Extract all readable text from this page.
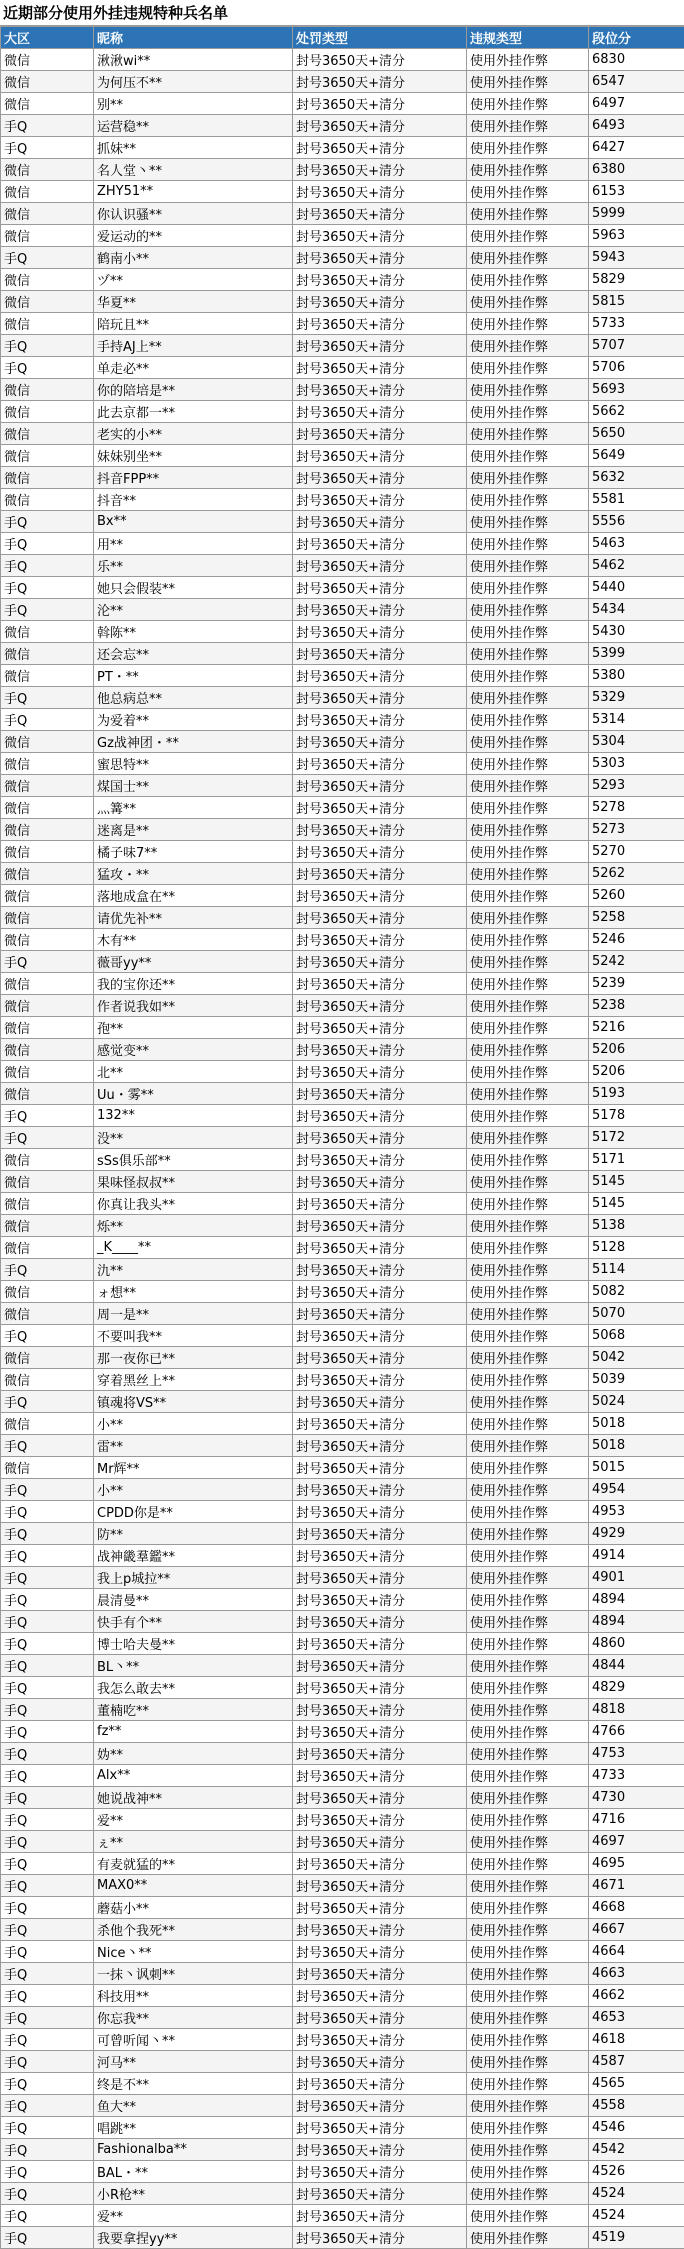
近期部分使用外挂违规特种兵名单
大区	昵称	处罚类型	违规类型	段位分
微信	湫湫wi**	封号3650天+清分	使用外挂作弊	6830
微信	为何压不**	封号3650天+清分	使用外挂作弊	6547
微信	别**	封号3650天+清分	使用外挂作弊	6497
手Q	运营稳**	封号3650天+清分	使用外挂作弊	6493
手Q	抓妹**	封号3650天+清分	使用外挂作弊	6427
微信	名人堂丶**	封号3650天+清分	使用外挂作弊	6380
微信	ZHY51**	封号3650天+清分	使用外挂作弊	6153
微信	你认识骚**	封号3650天+清分	使用外挂作弊	5999
微信	爱运动的**	封号3650天+清分	使用外挂作弊	5963
手Q	鹤南小**	封号3650天+清分	使用外挂作弊	5943
微信	ヅ**	封号3650天+清分	使用外挂作弊	5829
微信	华夏**	封号3650天+清分	使用外挂作弊	5815
微信	陪玩且**	封号3650天+清分	使用外挂作弊	5733
手Q	手持AJ上**	封号3650天+清分	使用外挂作弊	5707
手Q	单走必**	封号3650天+清分	使用外挂作弊	5706
微信	你的陪培是**	封号3650天+清分	使用外挂作弊	5693
微信	此去京都一**	封号3650天+清分	使用外挂作弊	5662
微信	老实的小**	封号3650天+清分	使用外挂作弊	5650
微信	妹妹别坐**	封号3650天+清分	使用外挂作弊	5649
微信	抖音FPP**	封号3650天+清分	使用外挂作弊	5632
微信	抖音**	封号3650天+清分	使用外挂作弊	5581
手Q	Bx**	封号3650天+清分	使用外挂作弊	5556
手Q	用**	封号3650天+清分	使用外挂作弊	5463
手Q	乐**	封号3650天+清分	使用外挂作弊	5462
手Q	她只会假装**	封号3650天+清分	使用外挂作弊	5440
手Q	沦**	封号3650天+清分	使用外挂作弊	5434
微信	斡陈**	封号3650天+清分	使用外挂作弊	5430
微信	还会忘**	封号3650天+清分	使用外挂作弊	5399
微信	PT・**	封号3650天+清分	使用外挂作弊	5380
手Q	他总病总**	封号3650天+清分	使用外挂作弊	5329
手Q	为爱着**	封号3650天+清分	使用外挂作弊	5314
微信	Gz战神团・**	封号3650天+清分	使用外挂作弊	5304
微信	蜜思特**	封号3650天+清分	使用外挂作弊	5303
微信	煤国士**	封号3650天+清分	使用外挂作弊	5293
微信	灬篝**	封号3650天+清分	使用外挂作弊	5278
微信	迷离是**	封号3650天+清分	使用外挂作弊	5273
微信	橘子味7**	封号3650天+清分	使用外挂作弊	5270
微信	猛攻・**	封号3650天+清分	使用外挂作弊	5262
微信	落地成盒在**	封号3650天+清分	使用外挂作弊	5260
微信	请优先补**	封号3650天+清分	使用外挂作弊	5258
微信	木有**	封号3650天+清分	使用外挂作弊	5246
手Q	薇哥yy**	封号3650天+清分	使用外挂作弊	5242
微信	我的宝你还**	封号3650天+清分	使用外挂作弊	5239
微信	作者说我如**	封号3650天+清分	使用外挂作弊	5238
微信	孢**	封号3650天+清分	使用外挂作弊	5216
微信	感觉变**	封号3650天+清分	使用外挂作弊	5206
微信	北**	封号3650天+清分	使用外挂作弊	5206
微信	Uu・雾**	封号3650天+清分	使用外挂作弊	5193
手Q	132**	封号3650天+清分	使用外挂作弊	5178
手Q	没**	封号3650天+清分	使用外挂作弊	5172
微信	sSs俱乐部**	封号3650天+清分	使用外挂作弊	5171
微信	果味怪叔叔**	封号3650天+清分	使用外挂作弊	5145
微信	你真让我头**	封号3650天+清分	使用外挂作弊	5145
微信	烁**	封号3650天+清分	使用外挂作弊	5138
微信	_K____**	封号3650天+清分	使用外挂作弊	5128
手Q	氿**	封号3650天+清分	使用外挂作弊	5114
微信	ォ想**	封号3650天+清分	使用外挂作弊	5082
微信	周一是**	封号3650天+清分	使用外挂作弊	5070
手Q	不要叫我**	封号3650天+清分	使用外挂作弊	5068
微信	那一夜你已**	封号3650天+清分	使用外挂作弊	5042
微信	穿着黑丝上**	封号3650天+清分	使用外挂作弊	5039
手Q	镇魂将VS**	封号3650天+清分	使用外挂作弊	5024
微信	小**	封号3650天+清分	使用外挂作弊	5018
手Q	雷**	封号3650天+清分	使用外挂作弊	5018
微信	Mr辉**	封号3650天+清分	使用外挂作弊	5015
手Q	小**	封号3650天+清分	使用外挂作弊	4954
手Q	CPDD你是**	封号3650天+清分	使用外挂作弊	4953
手Q	防**	封号3650天+清分	使用外挂作弊	4929
手Q	战神畿羣鑑**	封号3650天+清分	使用外挂作弊	4914
手Q	我上p城拉**	封号3650天+清分	使用外挂作弊	4901
手Q	晨清曼**	封号3650天+清分	使用外挂作弊	4894
手Q	快手有个**	封号3650天+清分	使用外挂作弊	4894
手Q	博士哈夫曼**	封号3650天+清分	使用外挂作弊	4860
手Q	BL丶**	封号3650天+清分	使用外挂作弊	4844
手Q	我怎么敢去**	封号3650天+清分	使用外挂作弊	4829
手Q	董楠吃**	封号3650天+清分	使用外挂作弊	4818
手Q	fz**	封号3650天+清分	使用外挂作弊	4766
手Q	妫**	封号3650天+清分	使用外挂作弊	4753
手Q	Alx**	封号3650天+清分	使用外挂作弊	4733
手Q	她说战神**	封号3650天+清分	使用外挂作弊	4730
手Q	爱**	封号3650天+清分	使用外挂作弊	4716
手Q	ぇ**	封号3650天+清分	使用外挂作弊	4697
手Q	有麦就猛的**	封号3650天+清分	使用外挂作弊	4695
手Q	MAX0**	封号3650天+清分	使用外挂作弊	4671
手Q	蘑菇小**	封号3650天+清分	使用外挂作弊	4668
手Q	杀他个我死**	封号3650天+清分	使用外挂作弊	4667
手Q	Nice丶**	封号3650天+清分	使用外挂作弊	4664
手Q	一抹丶讽刺**	封号3650天+清分	使用外挂作弊	4663
手Q	科技用**	封号3650天+清分	使用外挂作弊	4662
手Q	你忘我**	封号3650天+清分	使用外挂作弊	4653
手Q	可曾听闻丶**	封号3650天+清分	使用外挂作弊	4618
手Q	河马**	封号3650天+清分	使用外挂作弊	4587
手Q	终是不**	封号3650天+清分	使用外挂作弊	4565
手Q	鱼大**	封号3650天+清分	使用外挂作弊	4558
手Q	唱跳**	封号3650天+清分	使用外挂作弊	4546
手Q	Fashionalba**	封号3650天+清分	使用外挂作弊	4542
手Q	BAL・**	封号3650天+清分	使用外挂作弊	4526
手Q	小R枪**	封号3650天+清分	使用外挂作弊	4524
手Q	爱**	封号3650天+清分	使用外挂作弊	4524
手Q	我要拿捏yy**	封号3650天+清分	使用外挂作弊	4519
